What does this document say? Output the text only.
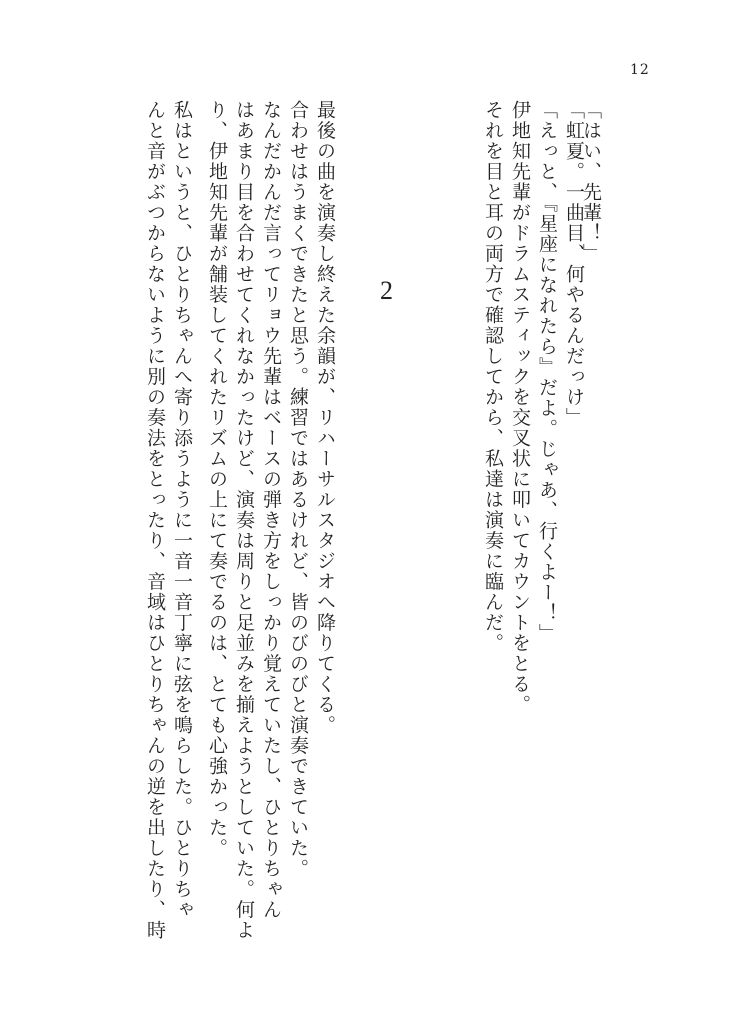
12
2
「はい、先輩！」
「虹夏。一曲目、何やるんだっけ」
「えっと、『星座になれたら』だよ。じゃあ、行くよー！」
伊地知先輩がドラムスティックを交叉状に叩いてカウントをとる。
それを目と耳の両方で確認してから、私達は演奏に臨んだ。
最後の曲を演奏し終えた余韻が、リハーサルスタジオへ降りてくる。
合わせはうまくできたと思う。練習ではあるけれど、皆のびのびと演奏できていた。
なんだかんだ言ってリョウ先輩はベースの弾き方をしっかり覚えていたし、ひとりちゃん
はあまり目を合わせてくれなかったけど、演奏は周りと足並みを揃えようとしていた。何よ
り、伊地知先輩が舗装してくれたリズムの上にて奏でるのは、とても心強かった。
私はというと、ひとりちゃんへ寄り添うように一音一音丁寧に弦を鳴らした。ひとりちゃ
んと音がぶつからないように別の奏法をとったり、音域はひとりちゃんの逆を出したり、時
